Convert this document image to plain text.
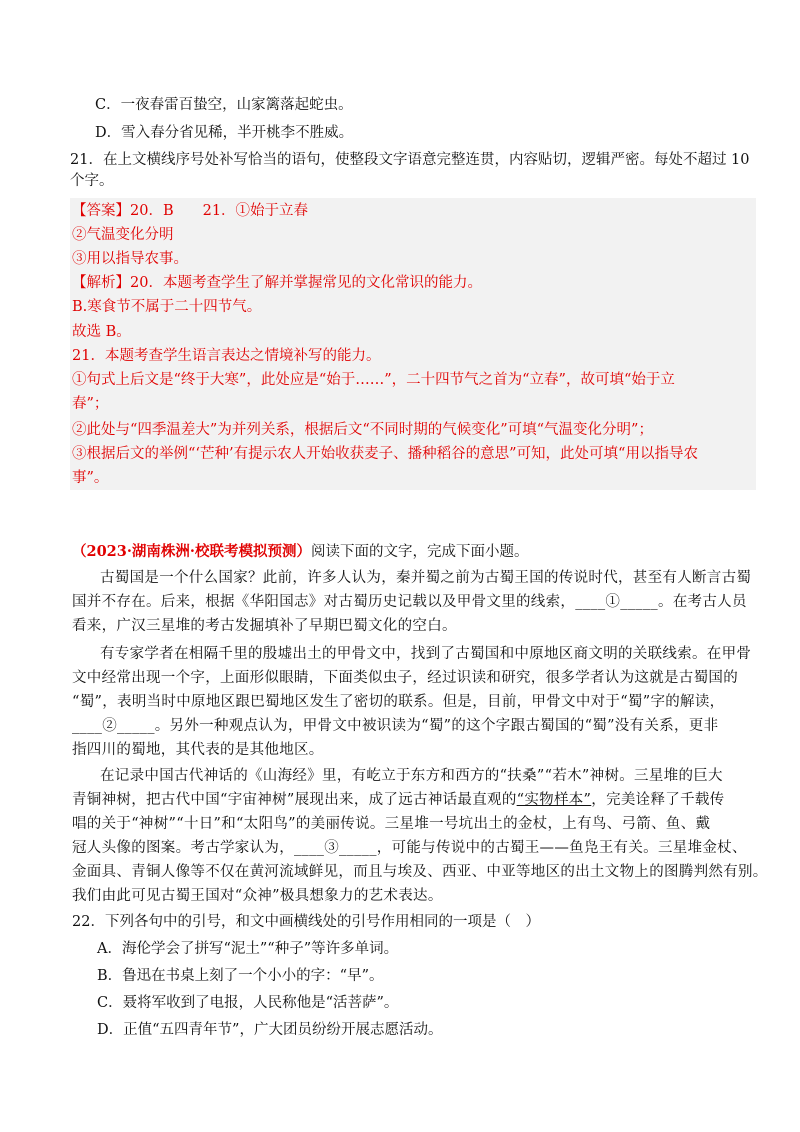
C．一夜春雷百蛰空，山家篱落起蛇虫。
D．雪入春分省见稀，半开桃李不胜威。
21．在上文横线序号处补写恰当的语句，使整段文字语意完整连贯，内容贴切，逻辑严密。每处不超过 10
个字。
【答案】20．B　　21．①始于立春
②气温变化分明
③用以指导农事。
【解析】20．本题考查学生了解并掌握常见的文化常识的能力。
B.寒食节不属于二十四节气。
故选 B。
21．本题考查学生语言表达之情境补写的能力。
①句式上后文是“终于大寒”，此处应是“始于……”，二十四节气之首为“立春”，故可填“始于立
春”；
②此处与“四季温差大”为并列关系，根据后文“不同时期的气候变化”可填“气温变化分明”；
③根据后文的举例“‘芒种’有提示农人开始收获麦子、播种稻谷的意思”可知，此处可填“用以指导农
事”。
（2023·湖南株洲·校联考模拟预测）阅读下面的文字，完成下面小题。
古蜀国是一个什么国家？此前，许多人认为，秦并蜀之前为古蜀王国的传说时代，甚至有人断言古蜀
国并不存在。后来，根据《华阳国志》对古蜀历史记载以及甲骨文里的线索，____①_____。在考古人员
看来，广汉三星堆的考古发掘填补了早期巴蜀文化的空白。
有专家学者在相隔千里的殷墟出土的甲骨文中，找到了古蜀国和中原地区商文明的关联线索。在甲骨
文中经常出现一个字，上面形似眼睛，下面类似虫子，经过识读和研究，很多学者认为这就是古蜀国的
“蜀”，表明当时中原地区跟巴蜀地区发生了密切的联系。但是，目前，甲骨文中对于“蜀”字的解读，
____②_____。另外一种观点认为，甲骨文中被识读为“蜀”的这个字跟古蜀国的“蜀”没有关系，更非
指四川的蜀地，其代表的是其他地区。
在记录中国古代神话的《山海经》里，有屹立于东方和西方的“扶桑”“若木”神树。三星堆的巨大
青铜神树，把古代中国“宇宙神树”展现出来，成了远古神话最直观的“实物样本”，完美诠释了千载传
唱的关于“神树”“十日”和“太阳鸟”的美丽传说。三星堆一号坑出土的金杖，上有鸟、弓箭、鱼、戴
冠人头像的图案。考古学家认为，____③_____，可能与传说中的古蜀王——鱼凫王有关。三星堆金杖、
金面具、青铜人像等不仅在黄河流域鲜见，而且与埃及、西亚、中亚等地区的出土文物上的图腾判然有别。
我们由此可见古蜀王国对“众神”极具想象力的艺术表达。
22．下列各句中的引号，和文中画横线处的引号作用相同的一项是（　）
A．海伦学会了拼写“泥土”“种子”等许多单词。
B．鲁迅在书桌上刻了一个小小的字：“早”。
C．聂将军收到了电报，人民称他是“活菩萨”。
D．正值“五四青年节”，广大团员纷纷开展志愿活动。
